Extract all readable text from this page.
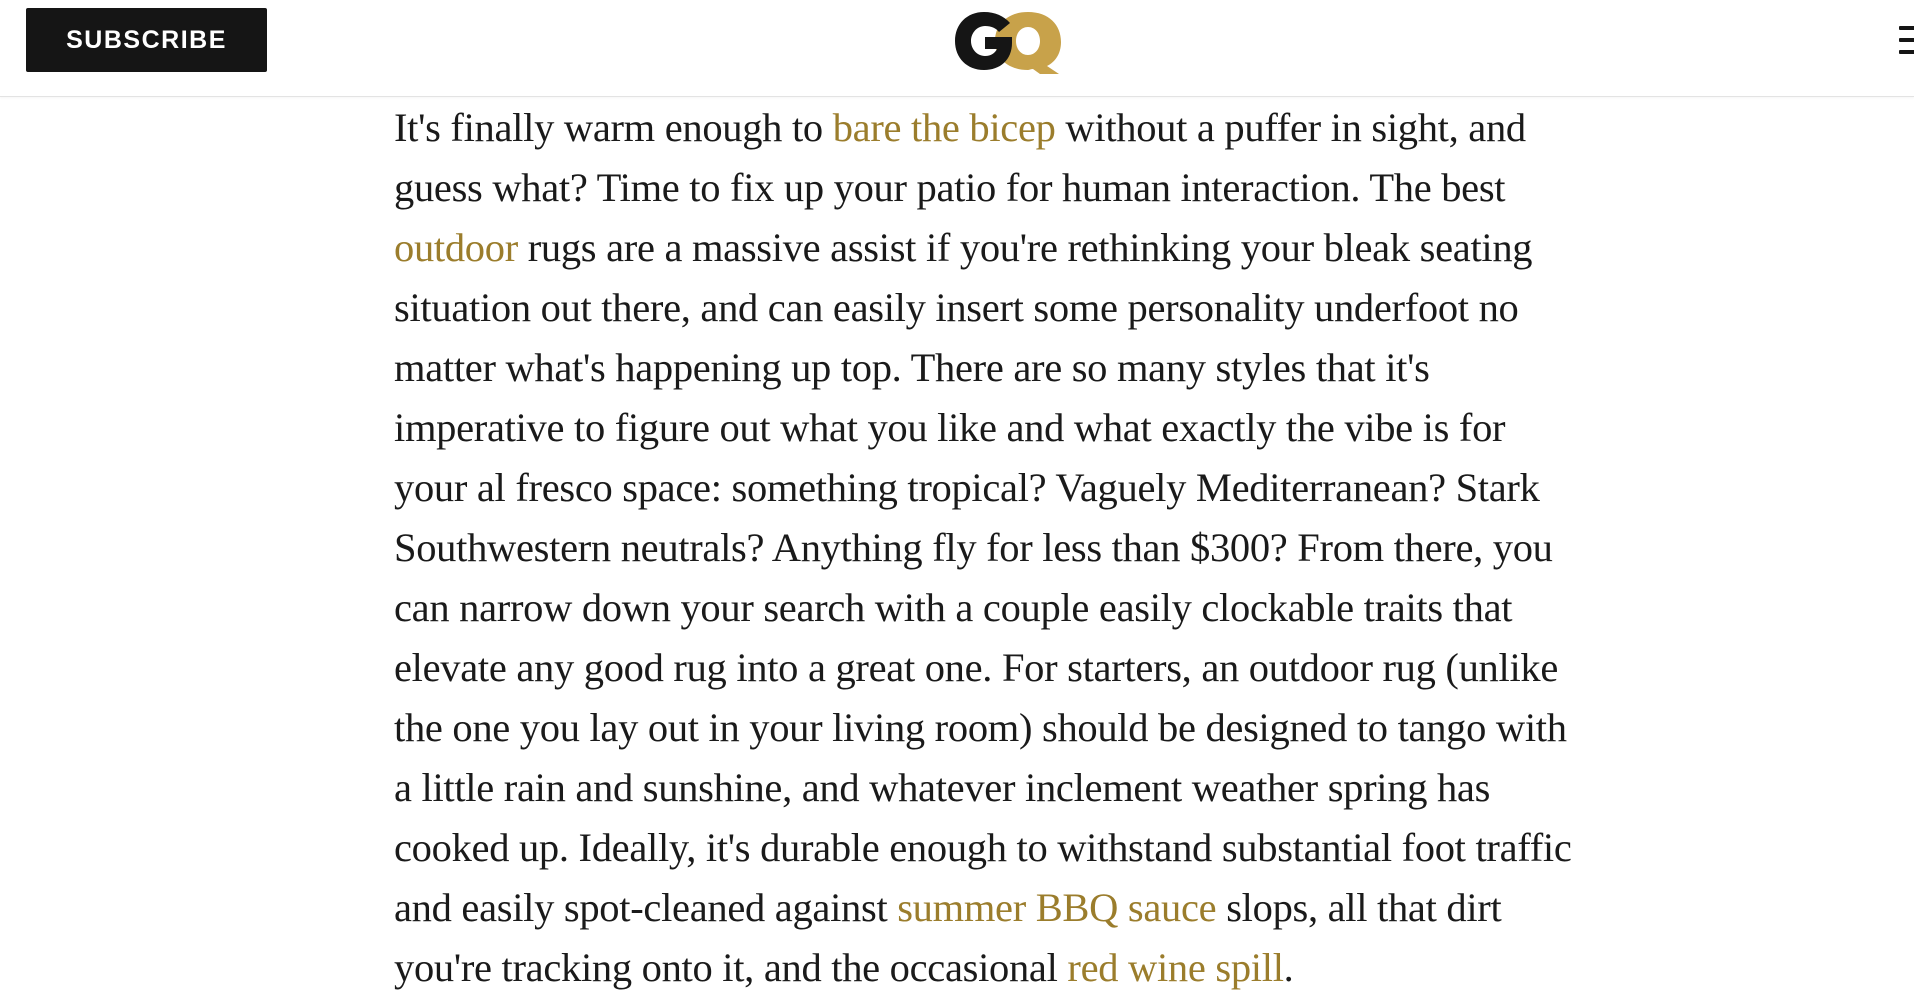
SUBSCRIBE

It's finally warm enough to bare the bicep without a puffer in sight, and guess what? Time to fix up your patio for human interaction. The best outdoor rugs are a massive assist if you're rethinking your bleak seating situation out there, and can easily insert some personality underfoot no matter what's happening up top. There are so many styles that it's imperative to figure out what you like and what exactly the vibe is for your al fresco space: something tropical? Vaguely Mediterranean? Stark Southwestern neutrals? Anything fly for less than $300? From there, you can narrow down your search with a couple easily clockable traits that elevate any good rug into a great one. For starters, an outdoor rug (unlike the one you lay out in your living room) should be designed to tango with a little rain and sunshine, and whatever inclement weather spring has cooked up. Ideally, it's durable enough to withstand substantial foot traffic and easily spot-cleaned against summer BBQ sauce slops, all that dirt you're tracking onto it, and the occasional red wine spill.
